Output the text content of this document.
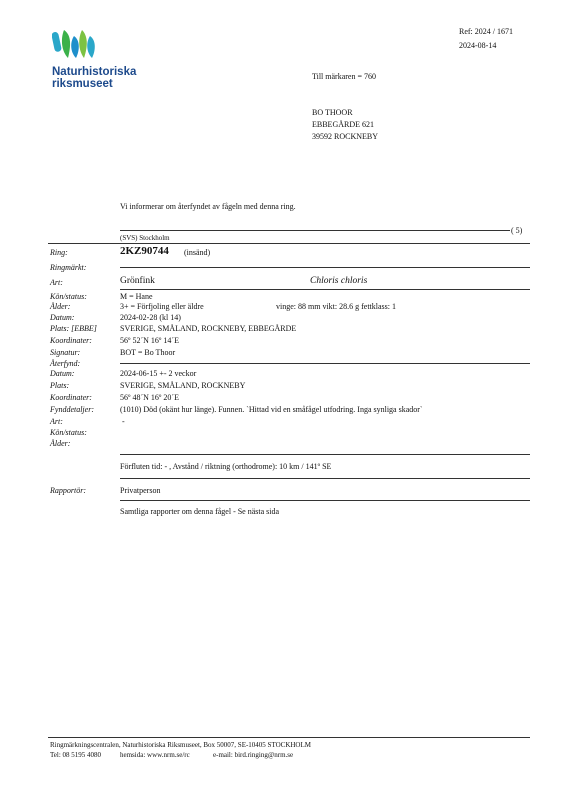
Naturhistoriska
riksmuseet
Ref: 2024 / 1671
2024-08-14
Till märkaren = 760
BO THOOR
EBBEGÅRDE 621
39592 ROCKNEBY
Vi informerar om återfyndet av fågeln med denna ring.
( 5)
(SVS) Stockholm
Ring:	2KZ90744 (insänd)
Ringmärkt:
Art:	Grönfink	Chloris chloris
Kön/status:	M = Hane
Ålder:	3+ = Förfjoling eller äldre	vinge: 88 mm vikt: 28.6 g fettklass: 1
Datum:	2024-02-28 (kl 14)
Plats: [EBBE]	SVERIGE, SMÅLAND, ROCKNEBY, EBBEGÅRDE
Koordinater:	56º 52´N 16º 14´E
Signatur:	BOT = Bo Thoor
Återfynd:
Datum:	2024-06-15 +- 2 veckor
Plats:	SVERIGE, SMÅLAND, ROCKNEBY
Koordinater:	56º 48´N 16º 20´E
Fynddetaljer:	(1010) Död (okänt hur länge). Funnen. `Hittad vid en småfågel utfodring. Inga synliga skador`
Art:	-
Kön/status:
Ålder:
Förfluten tid: - , Avstånd / riktning (orthodrome): 10 km / 141º SE
Rapportör:	Privatperson
Samtliga rapporter om denna fågel - Se nästa sida
Ringmärkningscentralen, Naturhistoriska Riksmuseet, Box 50007, SE-10405 STOCKHOLM
Tel: 08 5195 4080	hemsida: www.nrm.se/rc	e-mail: bird.ringing@nrm.se
